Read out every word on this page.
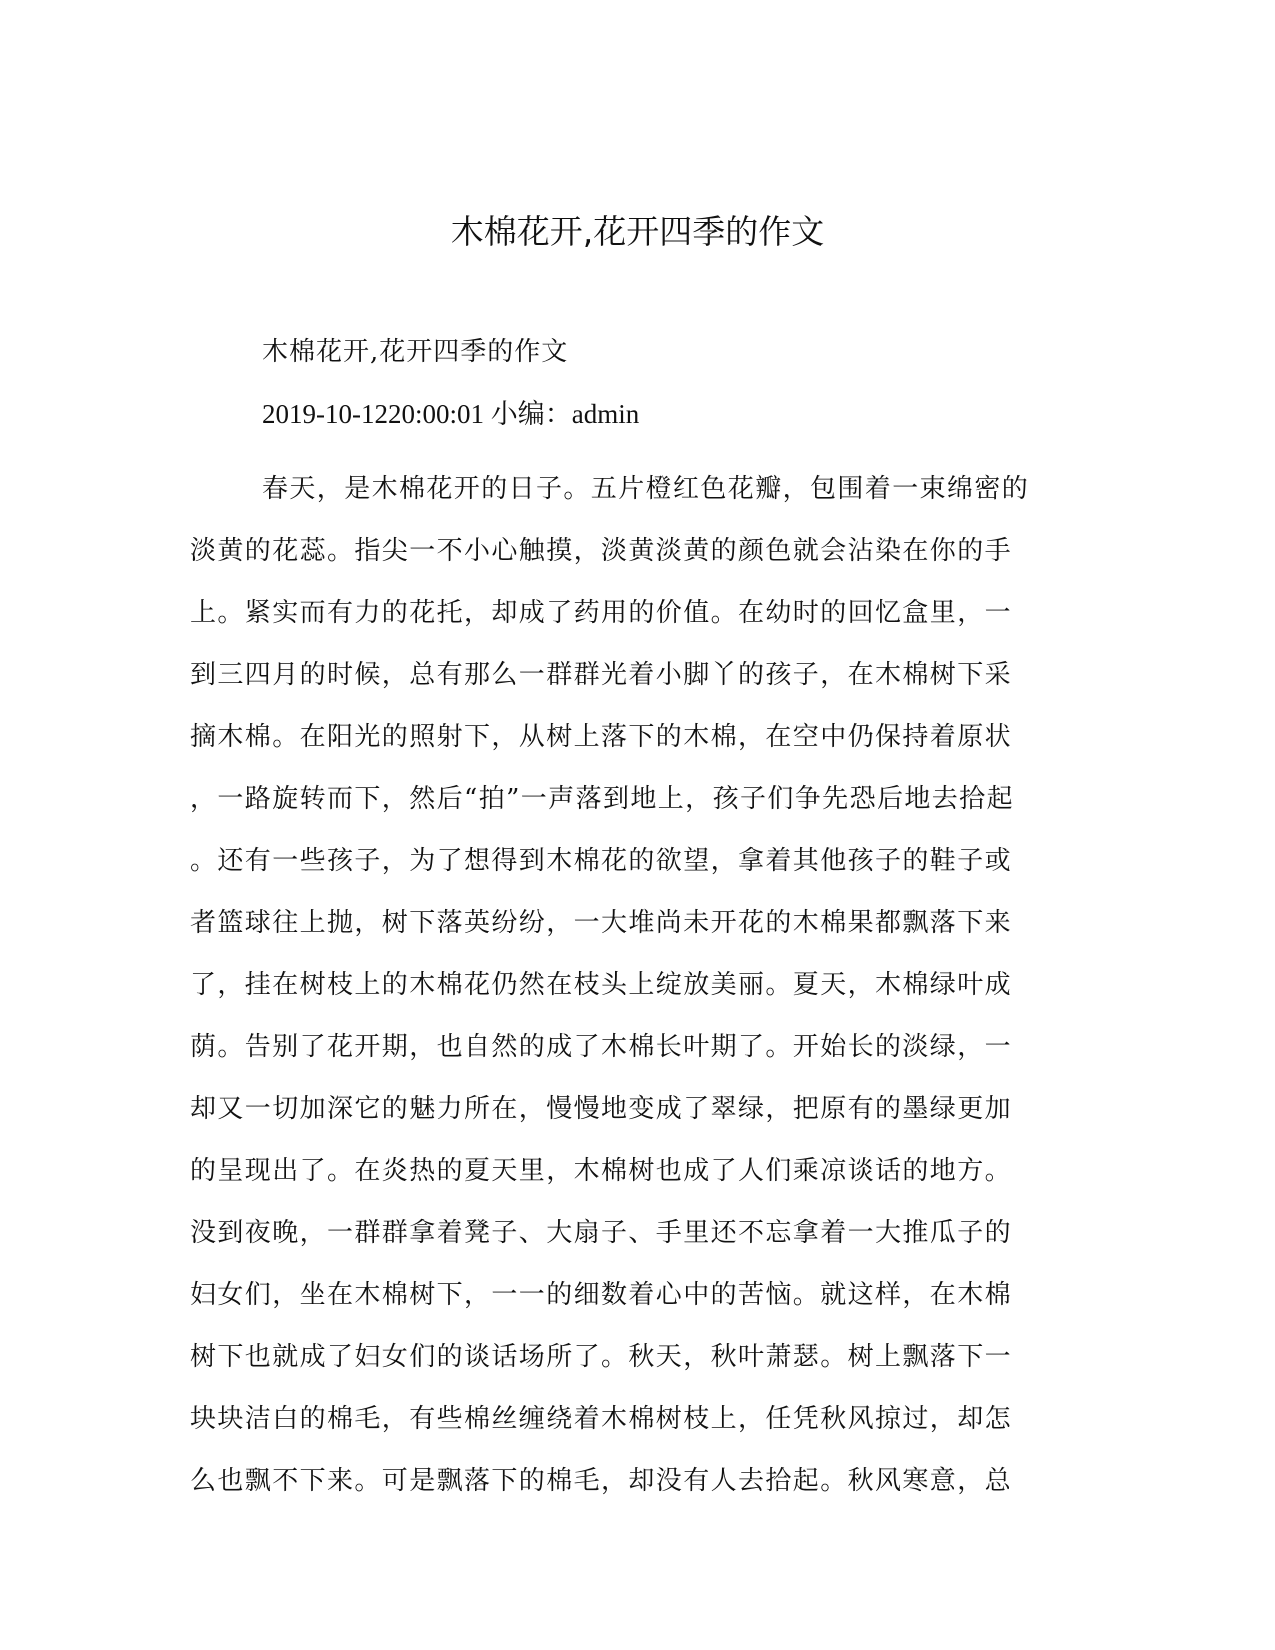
木棉花开,花开四季的作文

木棉花开,花开四季的作文

2019-10-1220:00:01 小编：admin

春天，是木棉花开的日子。五片橙红色花瓣，包围着一束绵密的
淡黄的花蕊。指尖一不小心触摸，淡黄淡黄的颜色就会沾染在你的手
上。紧实而有力的花托，却成了药用的价值。在幼时的回忆盒里，一
到三四月的时候，总有那么一群群光着小脚丫的孩子，在木棉树下采
摘木棉。在阳光的照射下，从树上落下的木棉，在空中仍保持着原状
，一路旋转而下，然后“拍”一声落到地上，孩子们争先恐后地去拾起
。还有一些孩子，为了想得到木棉花的欲望，拿着其他孩子的鞋子或
者篮球往上抛，树下落英纷纷，一大堆尚未开花的木棉果都飘落下来
了，挂在树枝上的木棉花仍然在枝头上绽放美丽。夏天，木棉绿叶成
荫。告别了花开期，也自然的成了木棉长叶期了。开始长的淡绿，一
却又一切加深它的魅力所在，慢慢地变成了翠绿，把原有的墨绿更加
的呈现出了。在炎热的夏天里，木棉树也成了人们乘凉谈话的地方。
没到夜晚，一群群拿着凳子、大扇子、手里还不忘拿着一大推瓜子的
妇女们，坐在木棉树下，一一的细数着心中的苦恼。就这样，在木棉
树下也就成了妇女们的谈话场所了。秋天，秋叶萧瑟。树上飘落下一
块块洁白的棉毛，有些棉丝缠绕着木棉树枝上，任凭秋风掠过，却怎
么也飘不下来。可是飘落下的棉毛，却没有人去拾起。秋风寒意，总
